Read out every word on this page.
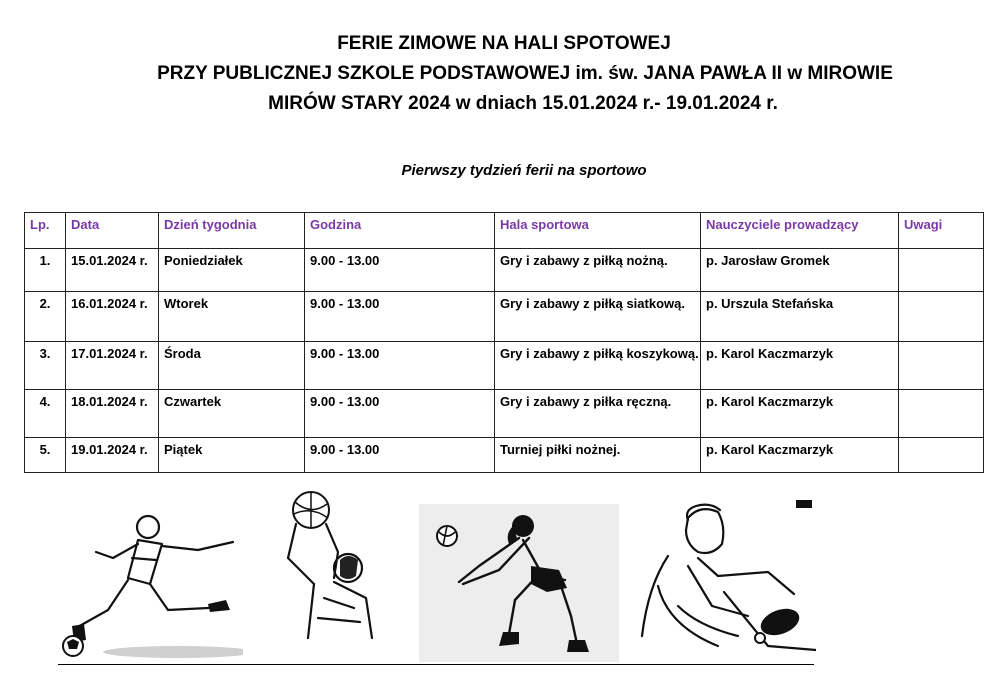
FERIE ZIMOWE NA HALI SPOTOWEJ
PRZY PUBLICZNEJ SZKOLE PODSTAWOWEJ im. św. JANA PAWŁA II w MIROWIE
MIRÓW STARY 2024 w dniach 15.01.2024 r.- 19.01.2024 r.
Pierwszy tydzień ferii na sportowo
Lp.	Data	Dzień tygodnia	Godzina	Hala sportowa	Nauczyciele prowadzący	Uwagi
1.	15.01.2024 r.	Poniedziałek	9.00 - 13.00	Gry i zabawy z piłką nożną.	p. Jarosław Gromek	
2.	16.01.2024 r.	Wtorek	9.00 - 13.00	Gry i zabawy z piłką siatkową.	p. Urszula Stefańska	
3.	17.01.2024 r.	Środa	9.00 - 13.00	Gry i zabawy z piłką koszykową.	p. Karol Kaczmarzyk	
4.	18.01.2024 r.	Czwartek	9.00 - 13.00	Gry i zabawy z piłka ręczną.	p. Karol Kaczmarzyk	
5.	19.01.2024 r.	Piątek	9.00 - 13.00	Turniej piłki nożnej.	p. Karol Kaczmarzyk	
